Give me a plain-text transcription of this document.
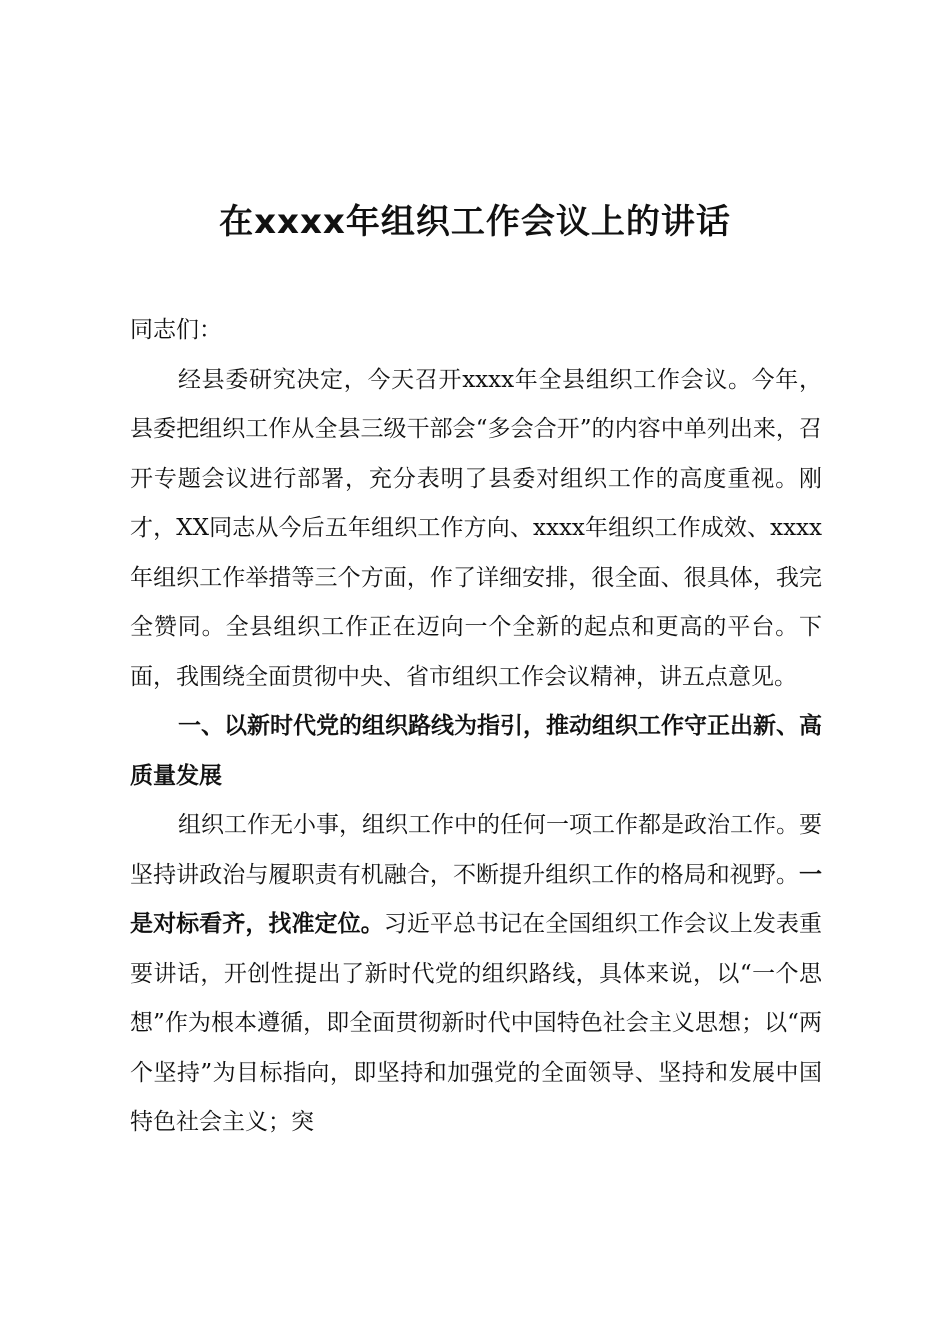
在xxxx年组织工作会议上的讲话

同志们：

经县委研究决定，今天召开xxxx年全县组织工作会议。今年，县委把组织工作从全县三级干部会“多会合开”的内容中单列出来，召开专题会议进行部署，充分表明了县委对组织工作的高度重视。刚才，XX同志从今后五年组织工作方向、xxxx年组织工作成效、xxxx年组织工作举措等三个方面，作了详细安排，很全面、很具体，我完全赞同。全县组织工作正在迈向一个全新的起点和更高的平台。下面，我围绕全面贯彻中央、省市组织工作会议精神，讲五点意见。

一、以新时代党的组织路线为指引，推动组织工作守正出新、高质量发展

组织工作无小事，组织工作中的任何一项工作都是政治工作。要坚持讲政治与履职责有机融合，不断提升组织工作的格局和视野。一是对标看齐，找准定位。习近平总书记在全国组织工作会议上发表重要讲话，开创性提出了新时代党的组织路线，具体来说，以“一个思想”作为根本遵循，即全面贯彻新时代中国特色社会主义思想；以“两个坚持”为目标指向，即坚持和加强党的全面领导、坚持和发展中国特色社会主义；突
